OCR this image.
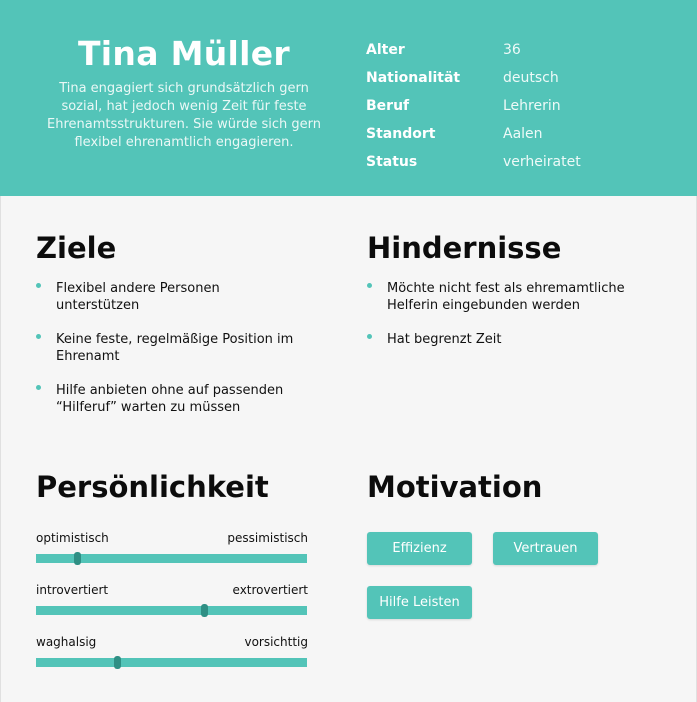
Tina Müller
Tina engagiert sich grundsätzlich gern sozial, hat jedoch wenig Zeit für feste Ehrenamtsstrukturen. Sie würde sich gern flexibel ehrenamtlich engagieren.
Alter	36
Nationalität	deutsch
Beruf	Lehrerin
Standort	Aalen
Status	verheiratet
Ziele
Flexibel andere Personen unterstützen
Keine feste, regelmäßige Position im Ehrenamt
Hilfe anbieten ohne auf passenden “Hilferuf” warten zu müssen
Hindernisse
Möchte nicht fest als ehremamtliche Helferin eingebunden werden
Hat begrenzt Zeit
Persönlichkeit
optimistisch	pessimistisch
introvertiert	extrovertiert
waghalsig	vorsichttig
Motivation
Effizienz	Vertrauen
Hilfe Leisten
